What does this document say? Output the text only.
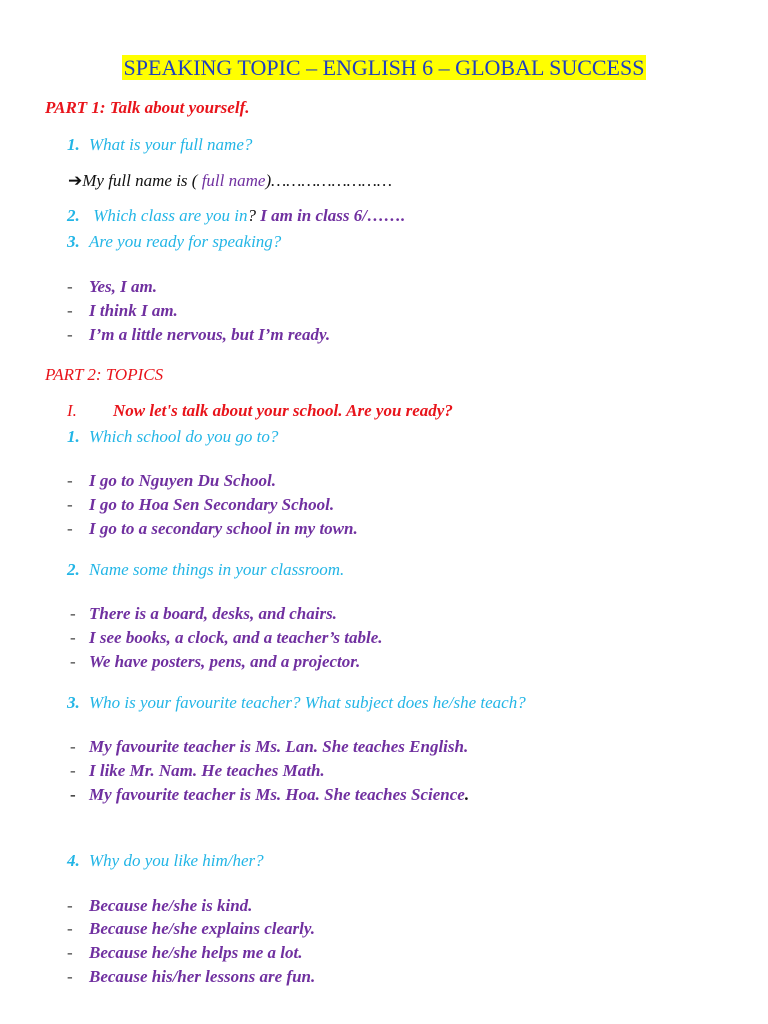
SPEAKING TOPIC – ENGLISH 6 – GLOBAL SUCCESS
PART 1: Talk about yourself.
1. What is your full name?
➔My full name is ( full name)……………………
2. Which class are you in? I am in class 6/…….
3. Are you ready for speaking?
- Yes, I am.
- I think I am.
- I’m a little nervous, but I’m ready.
PART 2: TOPICS
I. Now let's talk about your school. Are you ready?
1. Which school do you go to?
- I go to Nguyen Du School.
- I go to Hoa Sen Secondary School.
- I go to a secondary school in my town.
2. Name some things in your classroom.
- There is a board, desks, and chairs.
- I see books, a clock, and a teacher’s table.
- We have posters, pens, and a projector.
3. Who is your favourite teacher? What subject does he/she teach?
- My favourite teacher is Ms. Lan. She teaches English.
- I like Mr. Nam. He teaches Math.
- My favourite teacher is Ms. Hoa. She teaches Science.
4. Why do you like him/her?
- Because he/she is kind.
- Because he/she explains clearly.
- Because he/she helps me a lot.
- Because his/her lessons are fun.
